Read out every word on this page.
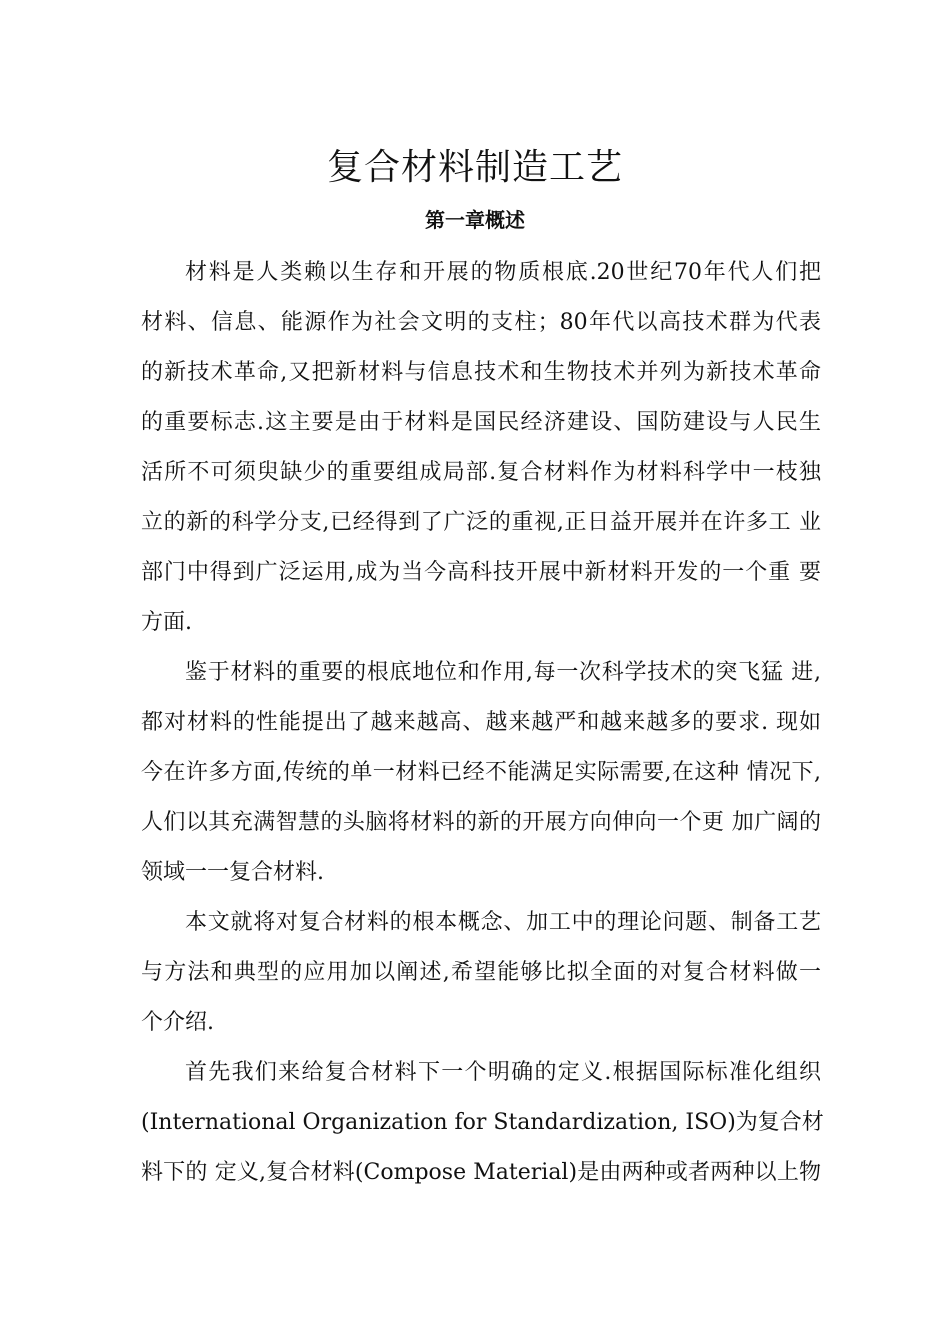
复合材料制造工艺
第一章概述

材料是人类赖以生存和开展的物质根底.20世纪70年代人们把

材料、信息、能源作为社会文明的支柱；80年代以高技术群为代表

的新技术革命,又把新材料与信息技术和生物技术并列为新技术革命

的重要标志.这主要是由于材料是国民经济建设、国防建设与人民生

活所不可须臾缺少的重要组成局部.复合材料作为材料科学中一枝独

立的新的科学分支,已经得到了广泛的重视,正日益开展并在许多工 业

部门中得到广泛运用,成为当今高科技开展中新材料开发的一个重 要

方面.

鉴于材料的重要的根底地位和作用,每一次科学技术的突飞猛 进,

都对材料的性能提出了越来越高、越来越严和越来越多的要求. 现如

今在许多方面,传统的单一材料已经不能满足实际需要,在这种 情况下,

人们以其充满智慧的头脑将材料的新的开展方向伸向一个更 加广阔的

领域一一复合材料.

本文就将对复合材料的根本概念、加工中的理论问题、制备工艺

与方法和典型的应用加以阐述,希望能够比拟全面的对复合材料做一

个介绍.

首先我们来给复合材料下一个明确的定义.根据国际标准化组织

(International Organization for Standardization, ISO)为复合材

料下的 定义,复合材料(Compose Material)是由两种或者两种以上物
